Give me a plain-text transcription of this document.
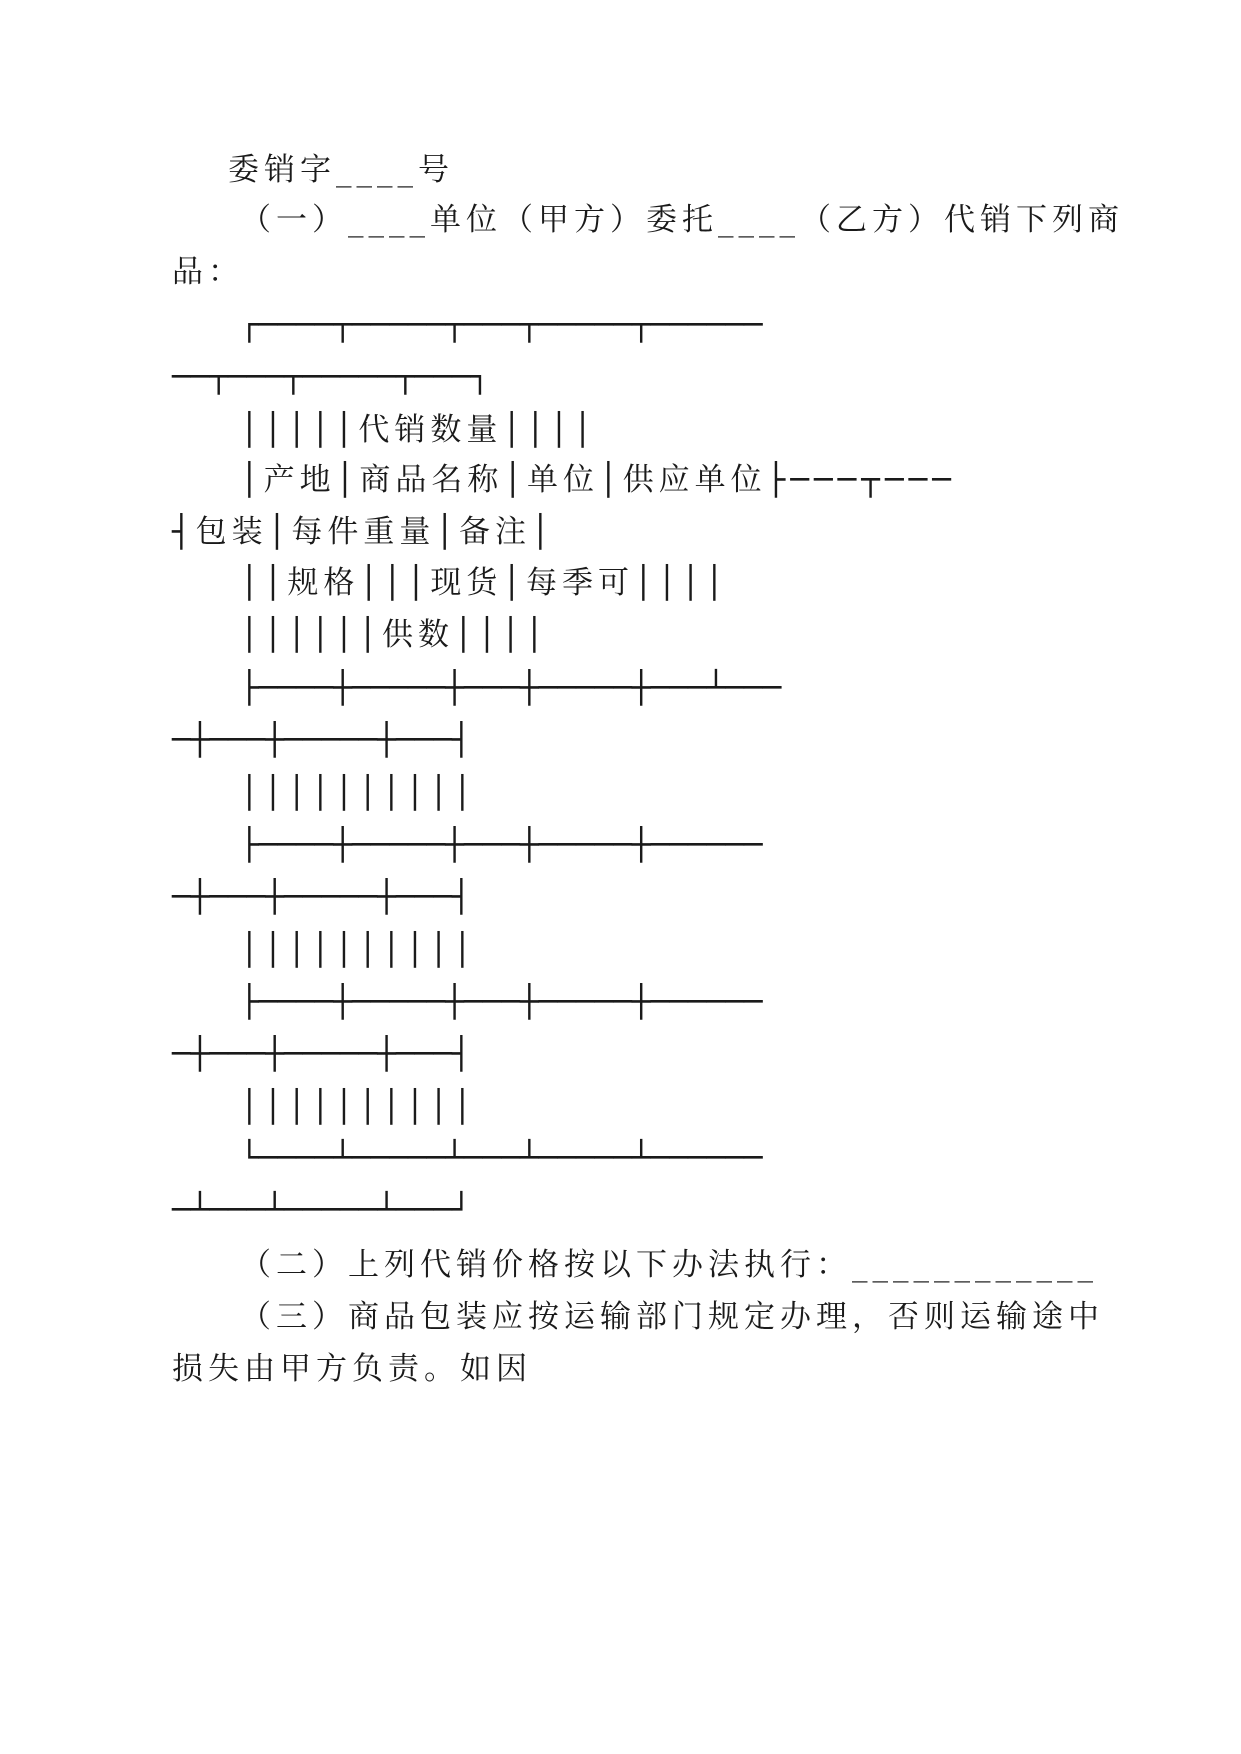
委销字____号
（一）____单位（甲方）委托____（乙方）代销下列商
品：
┌────┬─────┬───┬─────┬──────
──┬───┬─────┬───┐
│││││代销数量││││
│产地│商品名称│单位│供应单位├───┬───
┤包装│每件重量│备注│
││规格│││现货│每季可││││
││││││供数││││
├────┼─────┼───┼─────┼───┴───
─┼───┼─────┼───┤
││││││││││
├────┼─────┼───┼─────┼──────
─┼───┼─────┼───┤
││││││││││
├────┼─────┼───┼─────┼──────
─┼───┼─────┼───┤
││││││││││
└────┴─────┴───┴─────┴──────
─┴───┴─────┴───┘
（二）上列代销价格按以下办法执行：____________
（三）商品包装应按运输部门规定办理，否则运输途中
损失由甲方负责。如因
